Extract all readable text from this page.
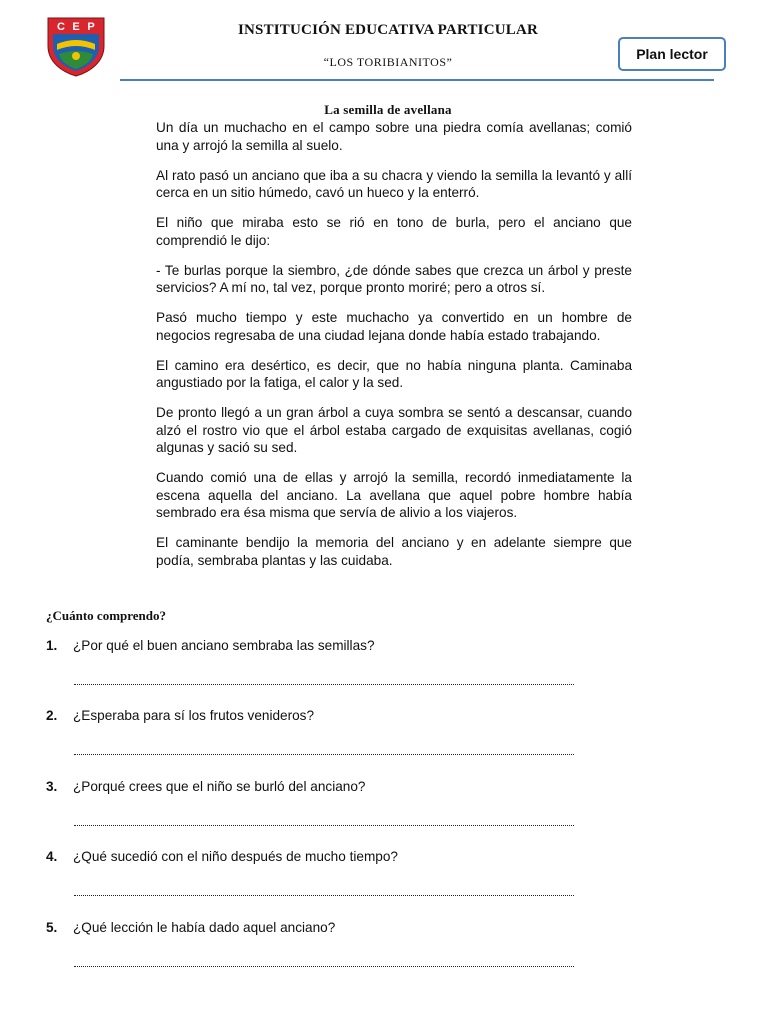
C E P	INSTITUCIÓN EDUCATIVA PARTICULAR
“LOS TORIBIANITOS”	Plan lector
La semilla de avellana

Un día un muchacho en el campo sobre una piedra comía avellanas; comió una y arrojó la semilla al suelo.

Al rato pasó un anciano que iba a su chacra y viendo la semilla la levantó y allí cerca en un sitio húmedo, cavó un hueco y la enterró.

El niño que miraba esto se rió en tono de burla, pero el anciano que comprendió le dijo:

- Te burlas porque la siembro, ¿de dónde sabes que crezca un árbol y preste servicios? A mí no, tal vez, porque pronto moriré; pero a otros sí.

Pasó mucho tiempo y este muchacho ya convertido en un hombre de negocios regresaba de una ciudad lejana donde había estado trabajando.

El camino era desértico, es decir, que no había ninguna planta. Caminaba angustiado por la fatiga, el calor y la sed.

De pronto llegó a un gran árbol a cuya sombra se sentó a descansar, cuando alzó el rostro vio que el árbol estaba cargado de exquisitas avellanas, cogió algunas y sació su sed.

Cuando comió una de ellas y arrojó la semilla, recordó inmediatamente la escena aquella del anciano. La avellana que aquel pobre hombre había sembrado era ésa misma que servía de alivio a los viajeros.

El caminante bendijo la memoria del anciano y en adelante siempre que podía, sembraba plantas y las cuidaba.

¿Cuánto comprendo?
1. ¿Por qué el buen anciano sembraba las semillas?
2. ¿Esperaba para sí los frutos venideros?
3. ¿Porqué crees que el niño se burló del anciano?
4. ¿Qué sucedió con el niño después de mucho tiempo?
5. ¿Qué lección le había dado aquel anciano?
